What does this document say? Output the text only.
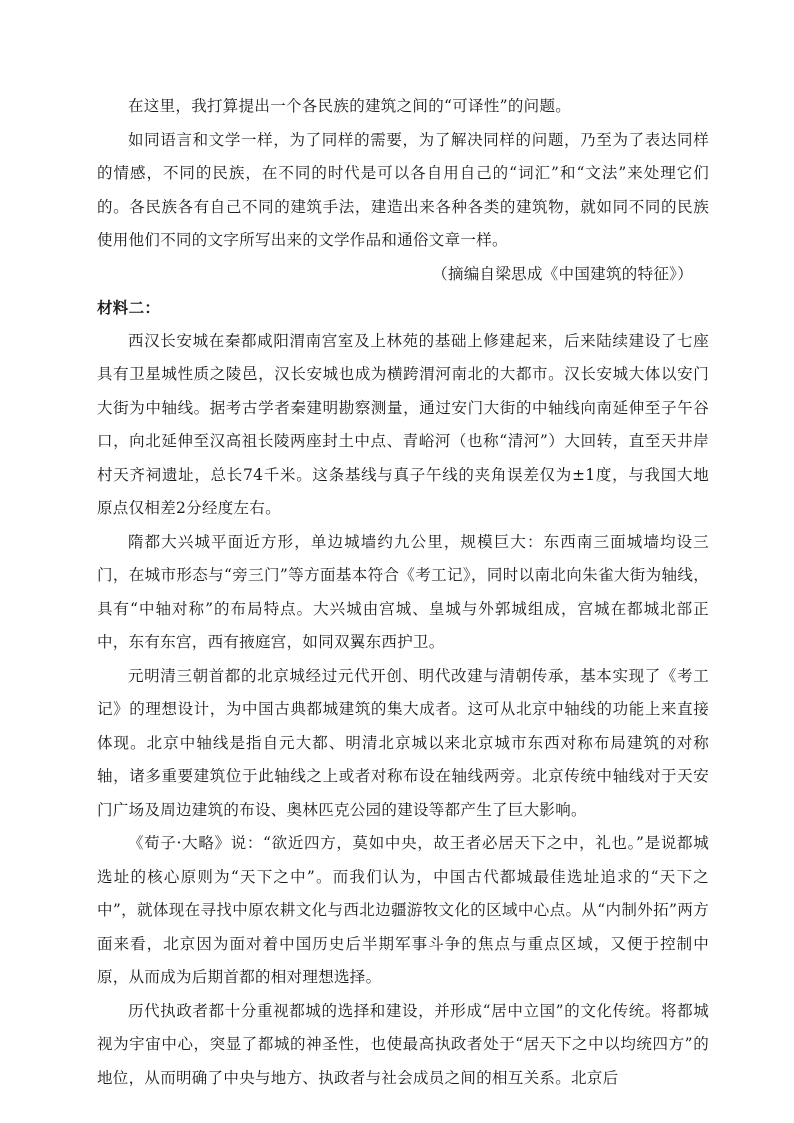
在这里，我打算提出一个各民族的建筑之间的“可译性”的问题。

如同语言和文学一样，为了同样的需要，为了解决同样的问题，乃至为了表达同样的情感，不同的民族，在不同的时代是可以各自用自己的“词汇”和“文法”来处理它们的。各民族各有自己不同的建筑手法，建造出来各种各类的建筑物，就如同不同的民族使用他们不同的文字所写出来的文学作品和通俗文章一样。

（摘编自梁思成《中国建筑的特征》）

材料二：

西汉长安城在秦都咸阳渭南宫室及上林苑的基础上修建起来，后来陆续建设了七座具有卫星城性质之陵邑，汉长安城也成为横跨渭河南北的大都市。汉长安城大体以安门大街为中轴线。据考古学者秦建明勘察测量，通过安门大街的中轴线向南延伸至子午谷口，向北延伸至汉高祖长陵两座封土中点、青峪河（也称“清河”）大回转，直至天井岸村天齐祠遗址，总长74千米。这条基线与真子午线的夹角误差仅为±1度，与我国大地原点仅相差2分经度左右。

隋都大兴城平面近方形，单边城墙约九公里，规模巨大：东西南三面城墙均设三门，在城市形态与“旁三门”等方面基本符合《考工记》，同时以南北向朱雀大街为轴线，具有“中轴对称”的布局特点。大兴城由宫城、皇城与外郭城组成，宫城在都城北部正中，东有东宫，西有掖庭宫，如同双翼东西护卫。

元明清三朝首都的北京城经过元代开创、明代改建与清朝传承，基本实现了《考工记》的理想设计，为中国古典都城建筑的集大成者。这可从北京中轴线的功能上来直接体现。北京中轴线是指自元大都、明清北京城以来北京城市东西对称布局建筑的对称轴，诸多重要建筑位于此轴线之上或者对称布设在轴线两旁。北京传统中轴线对于天安门广场及周边建筑的布设、奥林匹克公园的建设等都产生了巨大影响。

《荀子·大略》说：“欲近四方，莫如中央，故王者必居天下之中，礼也。”是说都城选址的核心原则为“天下之中”。而我们认为，中国古代都城最佳选址追求的“天下之中”，就体现在寻找中原农耕文化与西北边疆游牧文化的区域中心点。从“内制外拓”两方面来看，北京因为面对着中国历史后半期军事斗争的焦点与重点区域，又便于控制中原，从而成为后期首都的相对理想选择。

历代执政者都十分重视都城的选择和建设，并形成“居中立国”的文化传统。将都城视为宇宙中心，突显了都城的神圣性，也使最高执政者处于“居天下之中以均统四方”的地位，从而明确了中央与地方、执政者与社会成员之间的相互关系。北京后
